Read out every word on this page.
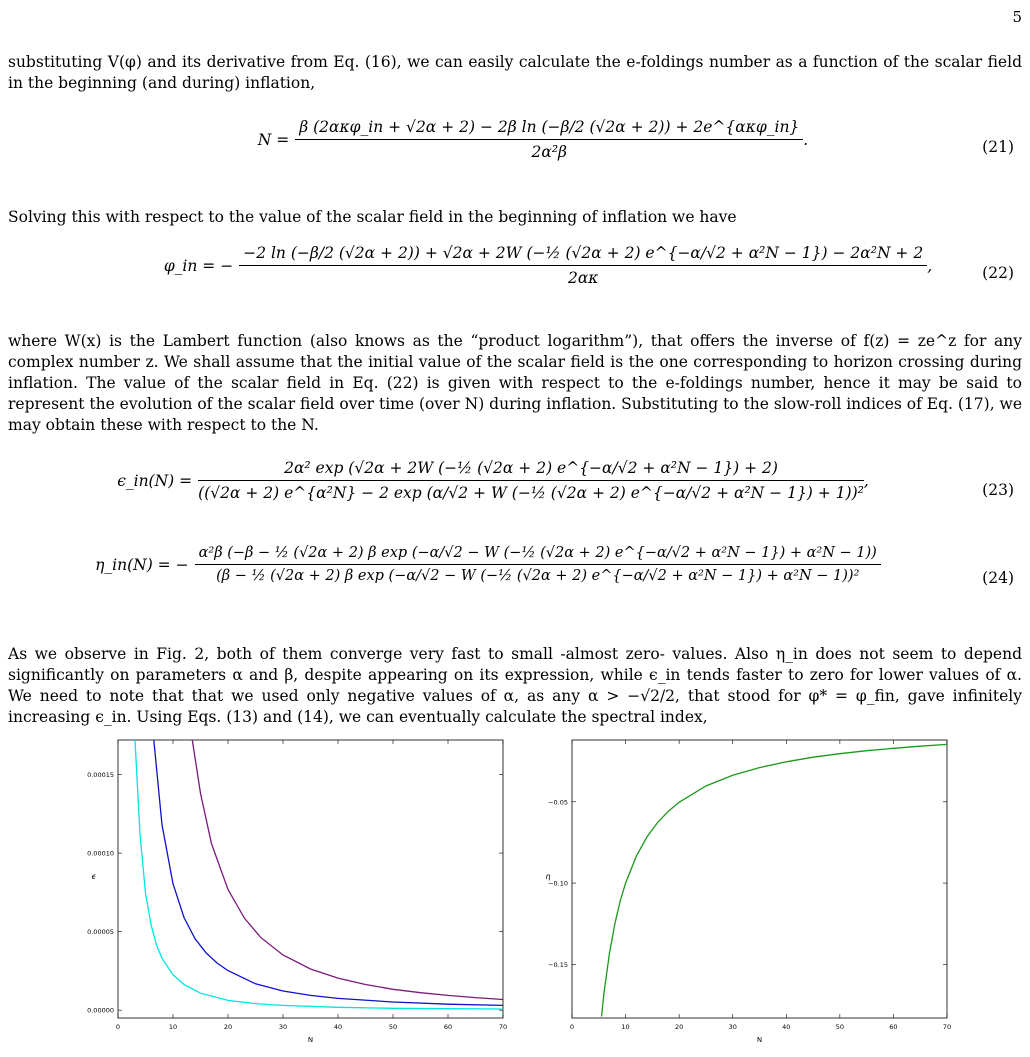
5
substituting V(φ) and its derivative from Eq. (16), we can easily calculate the e-foldings number as a function of the scalar field in the beginning (and during) inflation,
$N = \frac{\text{β (2ακφ\_in + √2α + 2) − 2β ln (−β/2 (√2α + 2)) + 2e\textasciicircum{}\{ακφ\_in\}}}{\text{2α²β}}$ .	(21)
Solving this with respect to the value of the scalar field in the beginning of inflation we have
φ_in = −
−2 ln (−β/2 (√2α + 2)) + √2α + 2W (−½ (√2α + 2) e^{−α/√2 + α²N − 1}) − 2α²N + 2
2ακ
,	(22)
where W(x) is the Lambert function (also knows as the “product logarithm”), that offers the inverse of f(z) = ze^z for any complex number z. We shall assume that the initial value of the scalar field is the one corresponding to horizon crossing during inflation. The value of the scalar field in Eq. (22) is given with respect to the e-foldings number, hence it may be said to represent the evolution of the scalar field over time (over N) during inflation. Substituting to the slow-roll indices of Eq. (17), we may obtain these with respect to the N.
ϵ_in(N) =
2α² exp (√2α + 2W (−½ (√2α + 2) e^{−α/√2 + α²N − 1}) + 2)
((√2α + 2) e^{α²N} − 2 exp (α/√2 + W (−½ (√2α + 2) e^{−α/√2 + α²N − 1}) + 1))²
,
(23)
η_in(N) = −
α²β (−β − ½ (√2α + 2) β exp (−α/√2 − W (−½ (√2α + 2) e^{−α/√2 + α²N − 1}) + α²N − 1))
(β − ½ (√2α + 2) β exp (−α/√2 − W (−½ (√2α + 2) e^{−α/√2 + α²N − 1}) + α²N − 1))²	(24)
As we observe in Fig. 2, both of them converge very fast to small -almost zero- values. Also η_in does not seem to depend significantly on parameters α and β, despite appearing on its expression, while ϵ_in tends faster to zero for lower values of α. We need to note that that we used only negative values of α, as any α > −√2/2, that stood for φ* = φ_fin, gave infinitely increasing ϵ_in. Using Eqs. (13) and (14), we can eventually calculate the spectral index,
0	10	20	30	40	50	60	70
0.00000
0.00005
0.00010
0.00015
N
ϵ
0	10	20	30	40	50	60	70
−0.05
−0.10
−0.15
N
η
